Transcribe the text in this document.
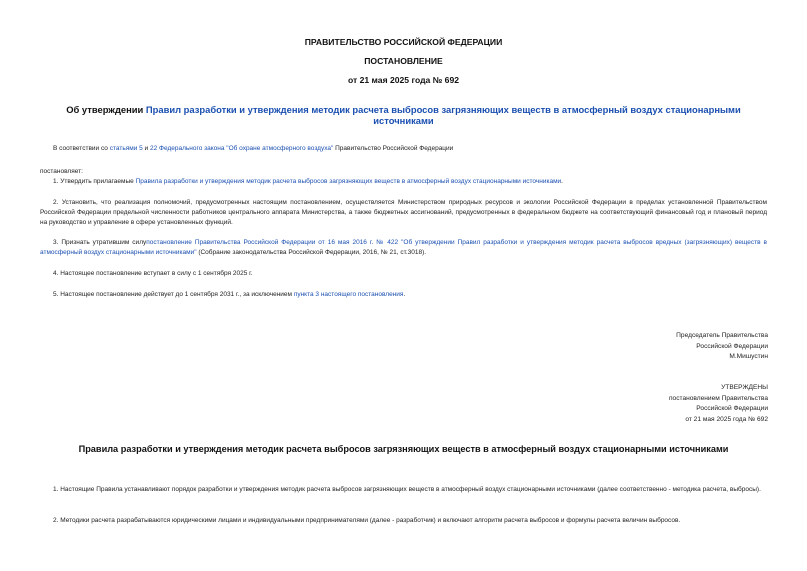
ПРАВИТЕЛЬСТВО РОССИЙСКОЙ ФЕДЕРАЦИИ
ПОСТАНОВЛЕНИЕ
от 21 мая 2025 года № 692
Об утверждении Правил разработки и утверждения методик расчета выбросов загрязняющих веществ в атмосферный воздух стационарными источниками
В соответствии со статьями 5 и 22 Федерального закона "Об охране атмосферного воздуха" Правительство Российской Федерации
постановляет:
1. Утвердить прилагаемые Правила разработки и утверждения методик расчета выбросов загрязняющих веществ в атмосферный воздух стационарными источниками.
2. Установить, что реализация полномочий, предусмотренных настоящим постановлением, осуществляется Министерством природных ресурсов и экологии Российской Федерации в пределах установленной Правительством Российской Федерации предельной численности работников центрального аппарата Министерства, а также бюджетных ассигнований, предусмотренных в федеральном бюджете на соответствующий финансовый год и плановый период на руководство и управление в сфере установленных функций.
3. Признать утратившим силупостановление Правительства Российской Федерации от 16 мая 2016 г. № 422 "Об утверждении Правил разработки и утверждения методик расчета выбросов вредных (загрязняющих) веществ в атмосферный воздух стационарными источниками" (Собрание законодательства Российской Федерации, 2016, № 21, ст.3018).
4. Настоящее постановление вступает в силу с 1 сентября 2025 г.
5. Настоящее постановление действует до 1 сентября 2031 г., за исключением пункта 3 настоящего постановления.
Председатель Правительства
Российской Федерации
М.Мишустин
УТВЕРЖДЕНЫ
постановлением Правительства
Российской Федерации
от 21 мая 2025 года № 692
Правила разработки и утверждения методик расчета выбросов загрязняющих веществ в атмосферный воздух стационарными источниками
1. Настоящие Правила устанавливают порядок разработки и утверждения методик расчета выбросов загрязняющих веществ в атмосферный воздух стационарными источниками (далее соответственно - методика расчета, выбросы).
2. Методики расчета разрабатываются юридическими лицами и индивидуальными предпринимателями (далее - разработчик) и включают алгоритм расчета выбросов и формулы расчета величин выбросов.
